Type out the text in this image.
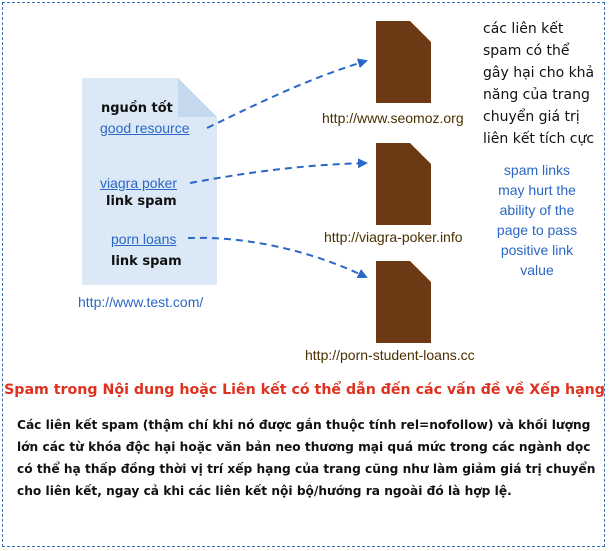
nguồn tốt
good resource
viagra poker
link spam
porn loans
link spam
http://www.test.com/
http://www.seomoz.org
http://viagra-poker.info
http://porn-student-loans.cc
các liên kết
spam có thể
gây hại cho khả
năng của trang
chuyển giá trị
liên kết tích cực
spam links
may hurt the
ability of the
page to pass
positive link
value
Spam trong Nội dung hoặc Liên kết có thể dẫn đến các vấn đề về Xếp hạng
Các liên kết spam (thậm chí khi nó được gắn thuộc tính rel=nofollow) và khối lượng lớn các từ khóa độc hại hoặc văn bản neo thương mại quá mức trong các ngành dọc có thể hạ thấp đồng thời vị trí xếp hạng của trang cũng như làm giảm giá trị chuyển cho liên kết, ngay cả khi các liên kết nội bộ/hướng ra ngoài đó là hợp lệ.
